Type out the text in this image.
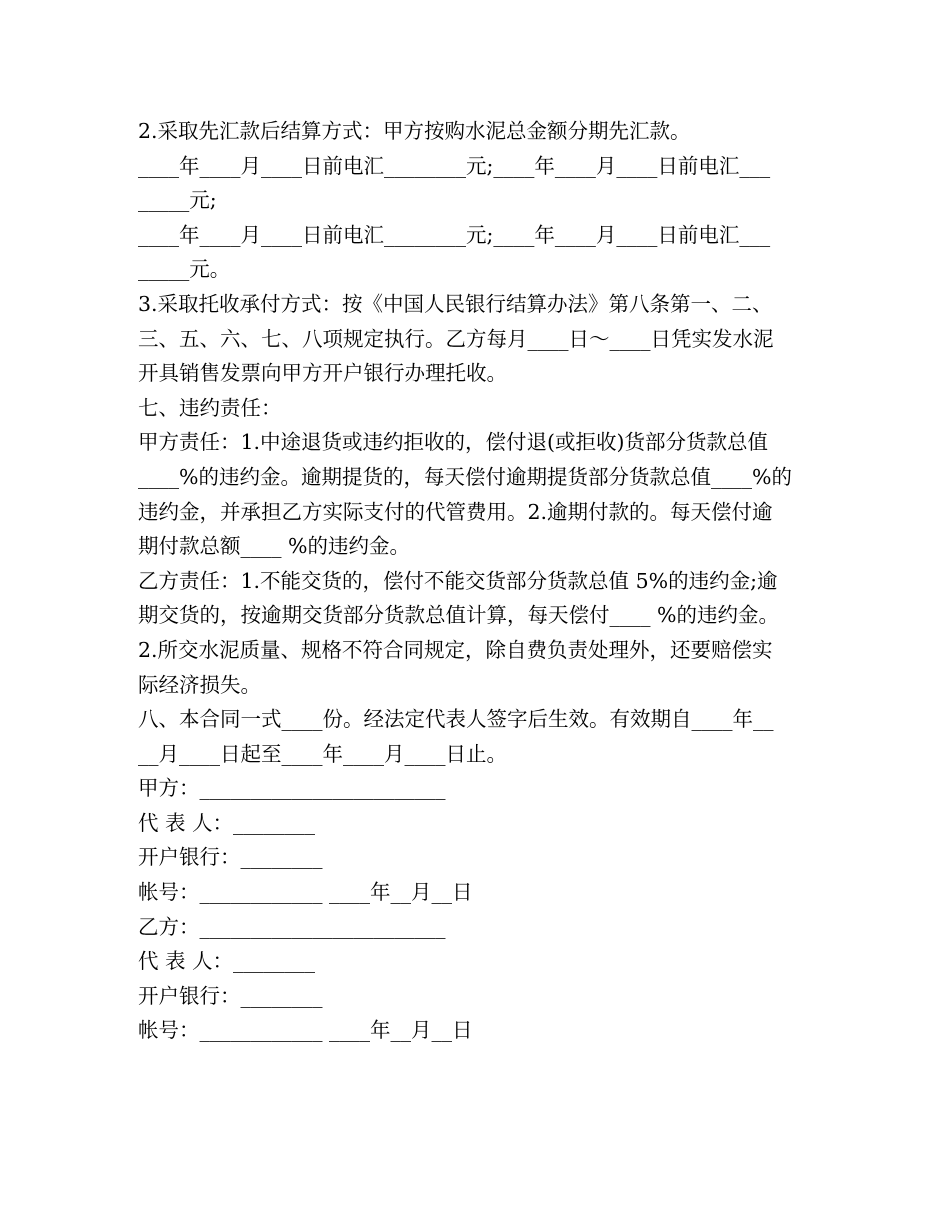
2.采取先汇款后结算方式：甲方按购水泥总金额分期先汇款。
____年____月____日前电汇________元;____年____月____日前电汇___
_____元;
____年____月____日前电汇________元;____年____月____日前电汇___
_____元。
3.采取托收承付方式：按《中国人民银行结算办法》第八条第一、二、
三、五、六、七、八项规定执行。乙方每月____日～____日凭实发水泥
开具销售发票向甲方开户银行办理托收。
七、违约责任：
甲方责任：1.中途退货或违约拒收的，偿付退(或拒收)货部分货款总值
____%的违约金。逾期提货的，每天偿付逾期提货部分货款总值____%的
违约金，并承担乙方实际支付的代管费用。2.逾期付款的。每天偿付逾
期付款总额____ %的违约金。
乙方责任：1.不能交货的，偿付不能交货部分货款总值 5%的违约金;逾
期交货的，按逾期交货部分货款总值计算，每天偿付____ %的违约金。
2.所交水泥质量、规格不符合同规定，除自费负责处理外，还要赔偿实
际经济损失。
八、本合同一式____份。经法定代表人签字后生效。有效期自____年__
__月____日起至____年____月____日止。
甲方：________________________
代 表 人：________
开户银行：________
帐号：____________ ____年__月__日
乙方：________________________
代 表 人：________
开户银行：________
帐号：____________ ____年__月__日
